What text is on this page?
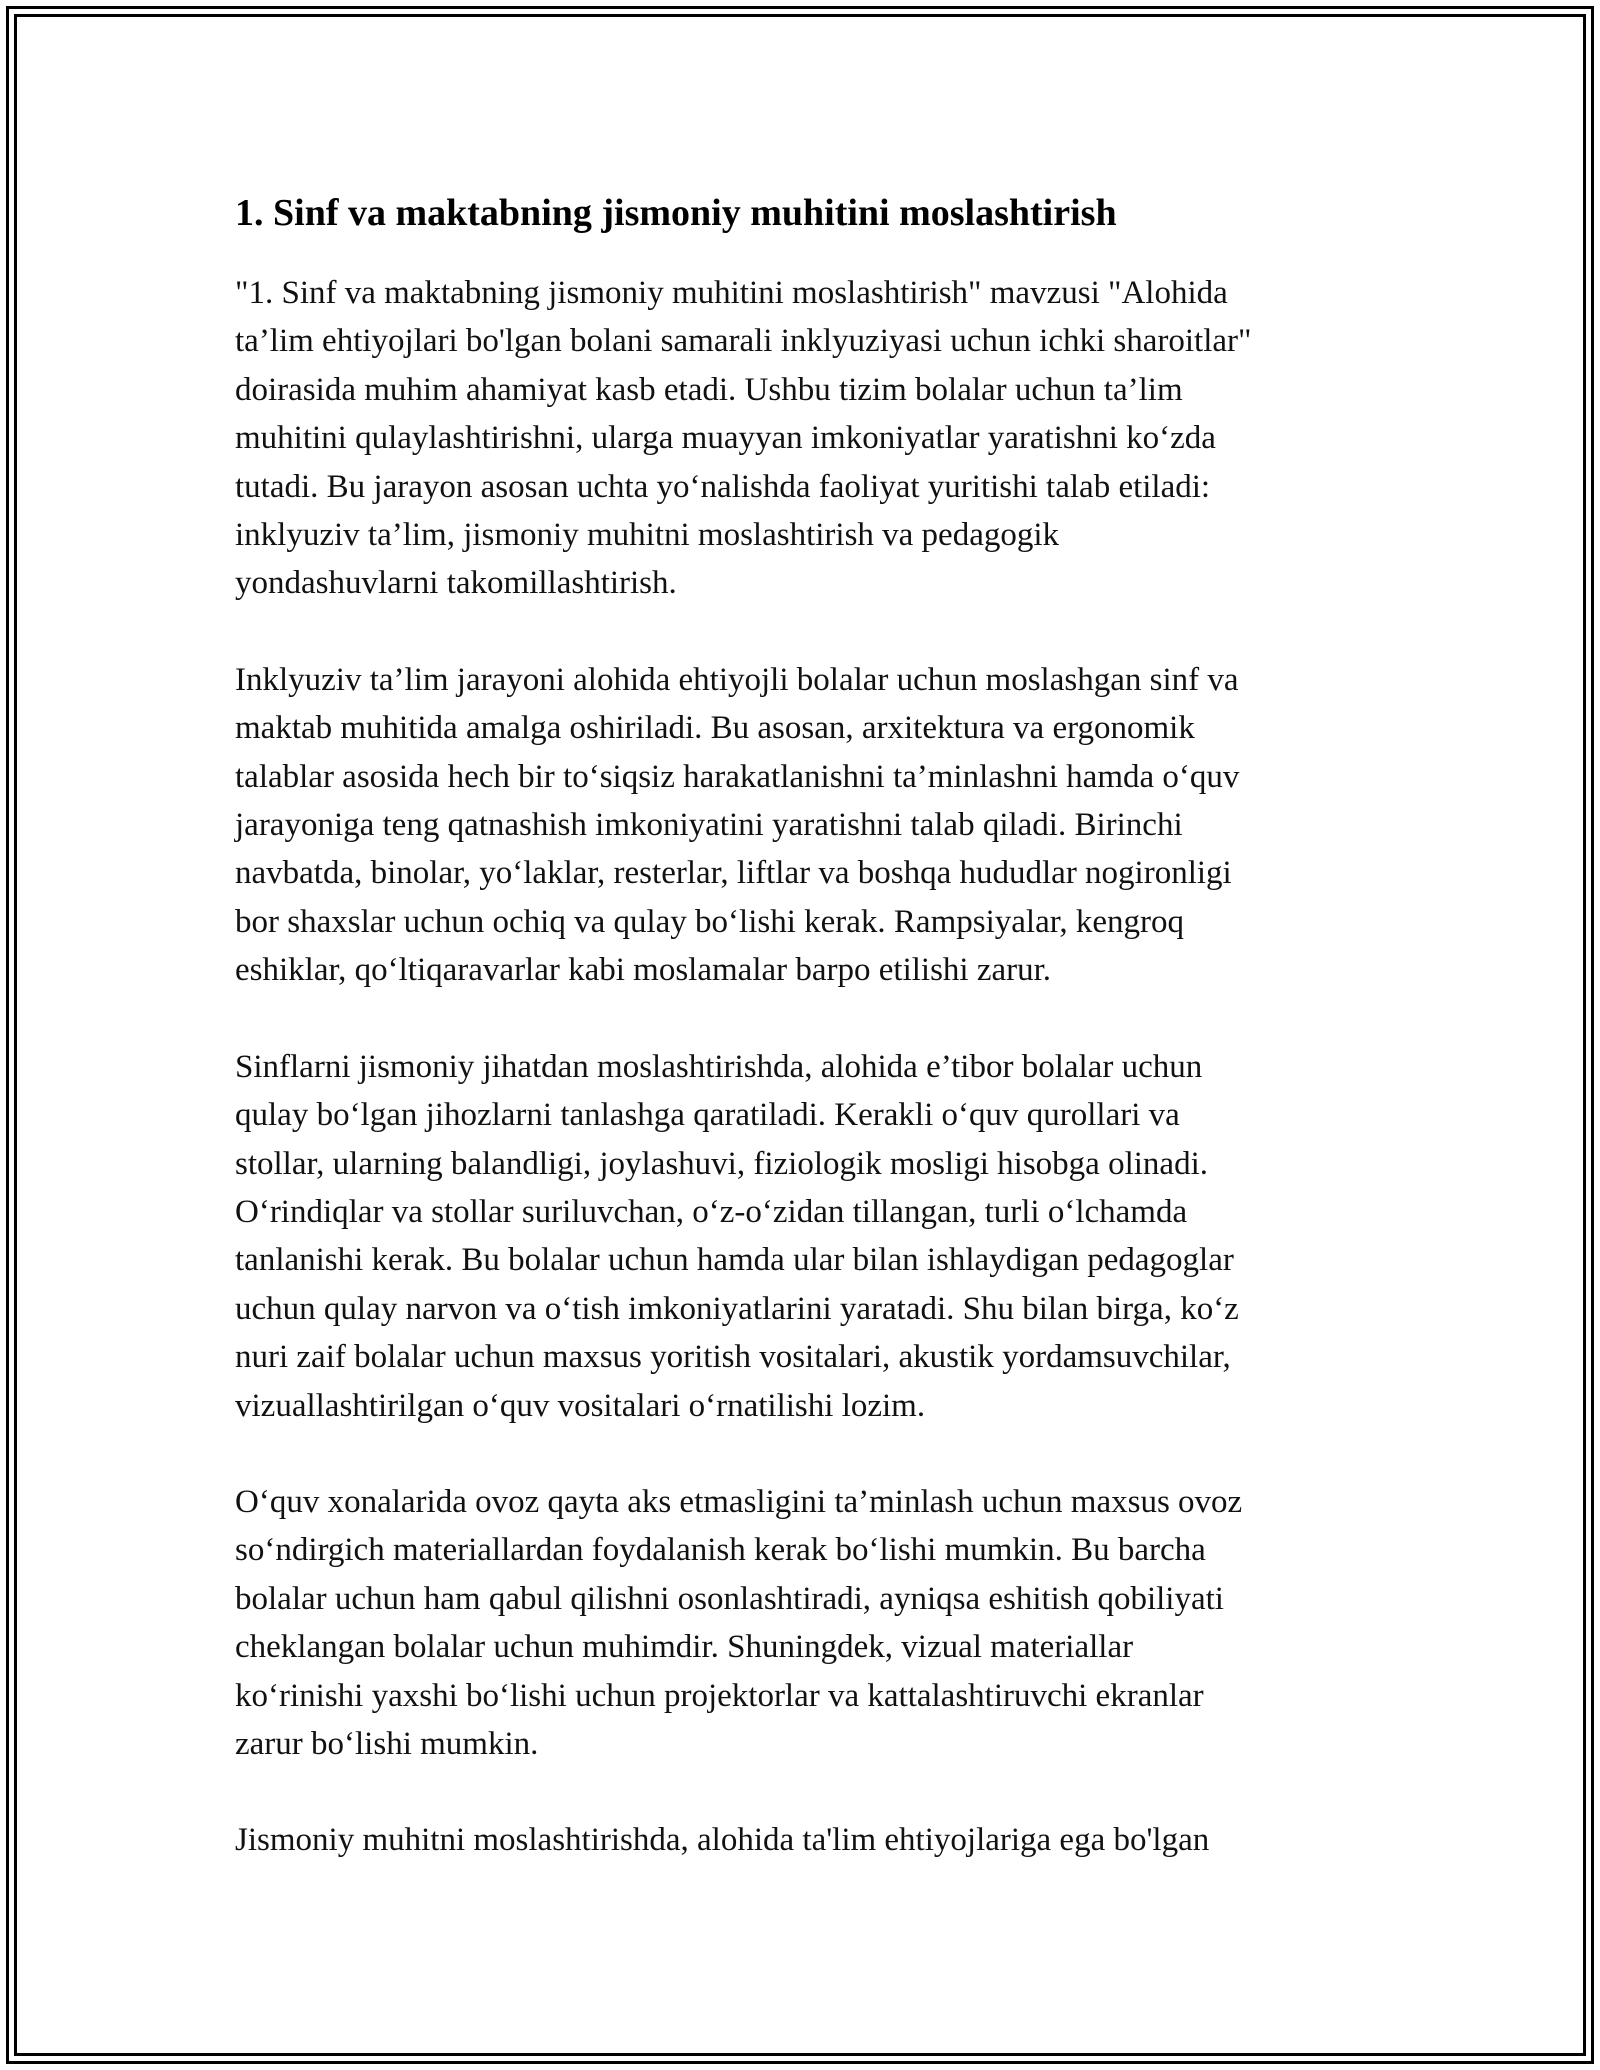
1. Sinf va maktabning jismoniy muhitini moslashtirish

"1. Sinf va maktabning jismoniy muhitini moslashtirish" mavzusi "Alohida
ta’lim ehtiyojlari bo'lgan bolani samarali inklyuziyasi uchun ichki sharoitlar"
doirasida muhim ahamiyat kasb etadi. Ushbu tizim bolalar uchun ta’lim
muhitini qulaylashtirishni, ularga muayyan imkoniyatlar yaratishni ko‘zda
tutadi. Bu jarayon asosan uchta yo‘nalishda faoliyat yuritishi talab etiladi:
inklyuziv ta’lim, jismoniy muhitni moslashtirish va pedagogik
yondashuvlarni takomillashtirish.

Inklyuziv ta’lim jarayoni alohida ehtiyojli bolalar uchun moslashgan sinf va
maktab muhitida amalga oshiriladi. Bu asosan, arxitektura va ergonomik
talablar asosida hech bir to‘siqsiz harakatlanishni ta’minlashni hamda o‘quv
jarayoniga teng qatnashish imkoniyatini yaratishni talab qiladi. Birinchi
navbatda, binolar, yo‘laklar, resterlar, liftlar va boshqa hududlar nogironligi
bor shaxslar uchun ochiq va qulay bo‘lishi kerak. Rampsiyalar, kengroq
eshiklar, qo‘ltiqaravarlar kabi moslamalar barpo etilishi zarur.

Sinflarni jismoniy jihatdan moslashtirishda, alohida e’tibor bolalar uchun
qulay bo‘lgan jihozlarni tanlashga qaratiladi. Kerakli o‘quv qurollari va
stollar, ularning balandligi, joylashuvi, fiziologik mosligi hisobga olinadi.
O‘rindiqlar va stollar suriluvchan, o‘z-o‘zidan tillangan, turli o‘lchamda
tanlanishi kerak. Bu bolalar uchun hamda ular bilan ishlaydigan pedagoglar
uchun qulay narvon va o‘tish imkoniyatlarini yaratadi. Shu bilan birga, ko‘z
nuri zaif bolalar uchun maxsus yoritish vositalari, akustik yordamsuvchilar,
vizuallashtirilgan o‘quv vositalari o‘rnatilishi lozim.

O‘quv xonalarida ovoz qayta aks etmasligini ta’minlash uchun maxsus ovoz
so‘ndirgich materiallardan foydalanish kerak bo‘lishi mumkin. Bu barcha
bolalar uchun ham qabul qilishni osonlashtiradi, ayniqsa eshitish qobiliyati
cheklangan bolalar uchun muhimdir. Shuningdek, vizual materiallar
ko‘rinishi yaxshi bo‘lishi uchun projektorlar va kattalashtiruvchi ekranlar
zarur bo‘lishi mumkin.

Jismoniy muhitni moslashtirishda, alohida ta'lim ehtiyojlariga ega bo'lgan
